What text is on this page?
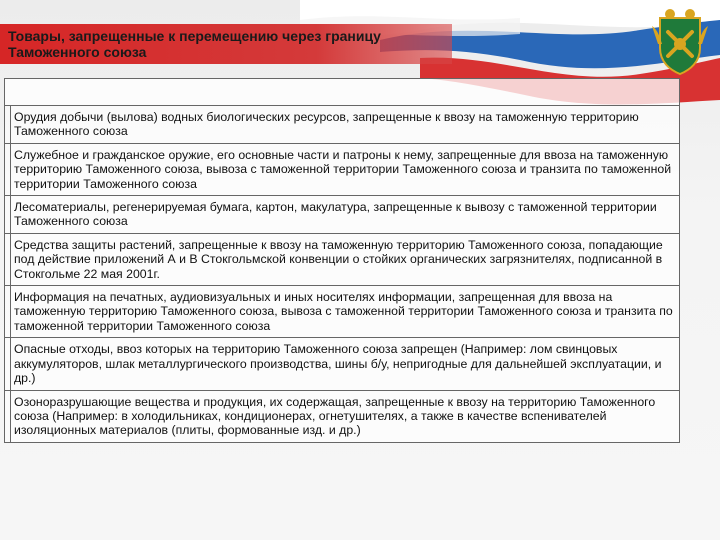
Товары, запрещенные к перемещению через границу Таможенного союза
Орудия добычи (вылова) водных биологических ресурсов, запрещенные к ввозу на таможенную территорию Таможенного союза
Служебное и гражданское оружие, его основные части и патроны к нему, запрещенные для ввоза на таможенную территорию Таможенного союза, вывоза с таможенной территории Таможенного союза и транзита по таможенной территории Таможенного союза
Лесоматериалы, регенерируемая бумага, картон, макулатура, запрещенные к вывозу с таможенной территории Таможенного союза
Средства защиты растений, запрещенные к ввозу на таможенную территорию Таможенного союза, попадающие под действие приложений А и В Стокгольмской конвенции о стойких органических загрязнителях, подписанной в Стокгольме 22 мая 2001г.
Информация на печатных, аудиовизуальных и иных носителях информации, запрещенная для ввоза на таможенную территорию Таможенного союза, вывоза с таможенной территории Таможенного союза и транзита по таможенной территории Таможенного союза
Опасные отходы, ввоз которых на территорию Таможенного союза запрещен (Например: лом свинцовых аккумуляторов, шлак металлургического производства, шины б/у, непригодные для дальнейшей эксплуатации, и др.)
Озоноразрушающие вещества и продукция, их содержащая, запрещенные к ввозу на территорию Таможенного союза (Например: в холодильниках, кондиционерах, огнетушителях, а также в качестве вспенивателей изоляционных материалов (плиты, формованные изд. и др.)
